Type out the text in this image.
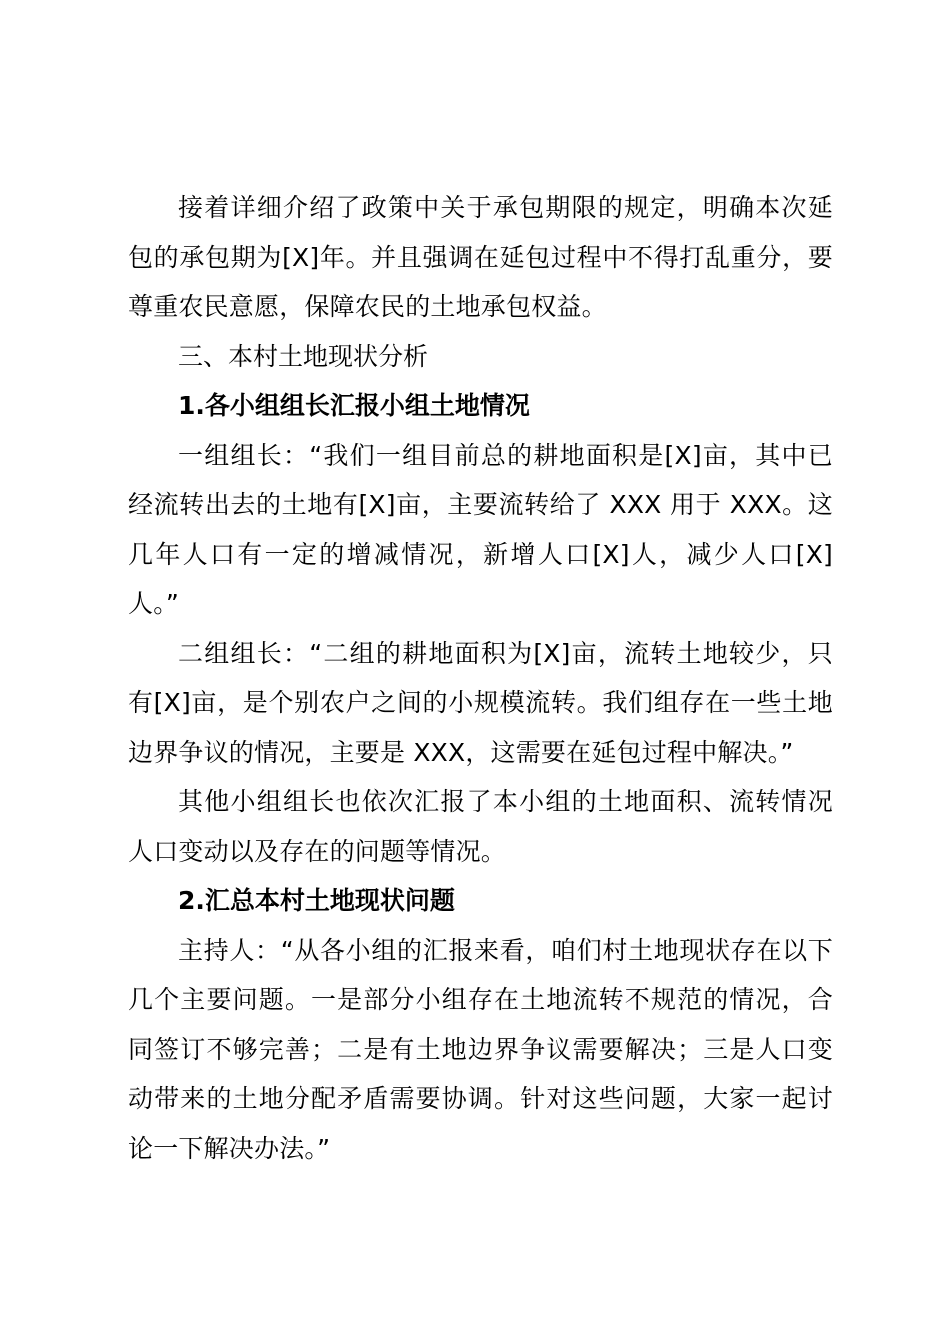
接着详细介绍了政策中关于承包期限的规定，明确本次延包的承包期为[X]年。并且强调在延包过程中不得打乱重分，要尊重农民意愿，保障农民的土地承包权益。

三、本村土地现状分析

1.各小组组长汇报小组土地情况

一组组长：“我们一组目前总的耕地面积是[X]亩，其中已经流转出去的土地有[X]亩，主要流转给了 XXX 用于 XXX。这几年人口有一定的增减情况，新增人口[X]人，减少人口[X]人。”

二组组长：“二组的耕地面积为[X]亩，流转土地较少，只有[X]亩，是个别农户之间的小规模流转。我们组存在一些土地边界争议的情况，主要是 XXX，这需要在延包过程中解决。”

其他小组组长也依次汇报了本小组的土地面积、流转情况人口变动以及存在的问题等情况。

2.汇总本村土地现状问题

主持人：“从各小组的汇报来看，咱们村土地现状存在以下几个主要问题。一是部分小组存在土地流转不规范的情况，合同签订不够完善；二是有土地边界争议需要解决；三是人口变动带来的土地分配矛盾需要协调。针对这些问题，大家一起讨论一下解决办法。”
